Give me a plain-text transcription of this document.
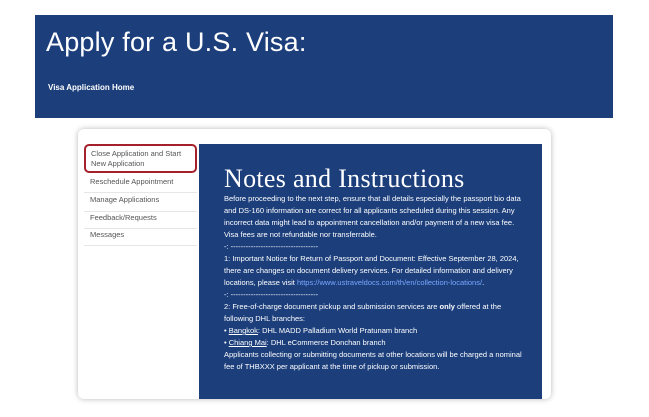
Apply for a U.S. Visa:
Visa Application Home
Close Application and Start New Application
Reschedule Appointment
Manage Applications
Feedback/Requests
Messages
Notes and Instructions

Before proceeding to the next step, ensure that all details especially the passport bio data and DS-160 information are correct for all applicants scheduled during this session. Any incorrect data might lead to appointment cancellation and/or payment of a new visa fee. Visa fees are not refundable nor transferrable.

-: -----------------------------------

1: Important Notice for Return of Passport and Document: Effective September 28, 2024, there are changes on document delivery services. For detailed information and delivery locations, please visit https://www.ustraveldocs.com/th/en/collection-locations/.

-: -----------------------------------

2: Free-of-charge document pickup and submission services are only offered at the following DHL branches:

• Bangkok: DHL MADD Palladium World Pratunam branch

• Chiang Mai: DHL eCommerce Donchan branch

Applicants collecting or submitting documents at other locations will be charged a nominal fee of THBXXX per applicant at the time of pickup or submission.
